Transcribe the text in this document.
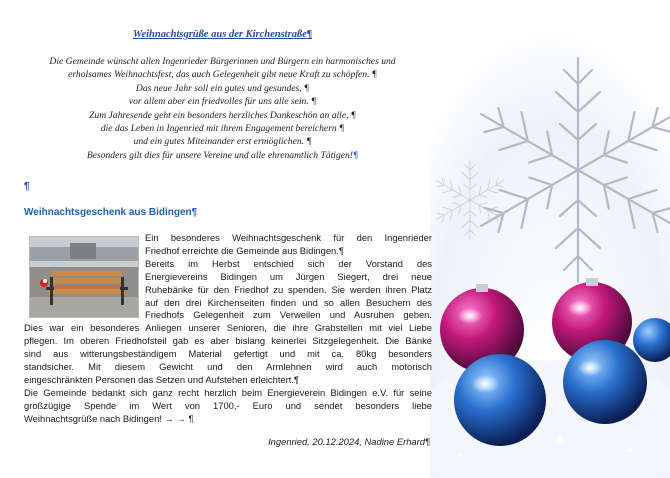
Weihnachtsgrüße aus der Kirchenstraße¶
Die Gemeinde wünscht allen Ingenrieder Bürgerinnen und Bürgern ein harmonisches und
erholsames Weihnachtsfest, das auch Gelegenheit gibt neue Kraft zu schöpfen. ¶
Das neue Jahr soll ein gutes und gesundes, ¶
vor allem aber ein friedvolles für uns alle sein. ¶
Zum Jahresende geht ein besonders herzliches Dankeschön an alle, ¶
die das Leben in Ingenried mit ihrem Engagement bereichern ¶
und ein gutes Miteinander erst ermöglichen. ¶
Besonders gilt dies für unsere Vereine und alle ehrenamtlich Tätigen!¶
¶
Weihnachtsgeschenk aus Bidingen¶
Ein besonderes Weihnachtsgeschenk für den Ingenrieder
Friedhof erreichte die Gemeinde aus Bidingen.¶
Bereits im Herbst entschied sich der Vorstand des
Energievereins Bidingen um Jürgen Siegert, drei neue
Ruhebänke für den Friedhof zu spenden. Sie werden ihren Platz
auf den drei Kirchenseiten finden und so allen Besuchern des
Friedhofs Gelegenheit zum Verweilen und Ausruhen geben.
Dies war ein besonderes Anliegen unserer Senioren, die ihre Grabstellen mit viel Liebe
pflegen. Im oberen Friedhofsteil gab es aber bislang keinerlei Sitzgelegenheit. Die Bänke
sind aus witterungsbeständigem Material gefertigt und mit ca. 80kg besonders
standsicher. Mit diesem Gewicht und den Armlehnen wird auch motorisch
eingeschränkten Personen das Setzen und Aufstehen erleichtert.¶
Die Gemeinde bedankt sich ganz recht herzlich beim Energieverein Bidingen e.V. für seine
großzügige Spende im Wert von 1700,- Euro und sendet besonders liebe
Weihnachtsgrüße nach Bidingen! → → ¶
Ingenried, 20.12.2024, Nadine Erhard¶
